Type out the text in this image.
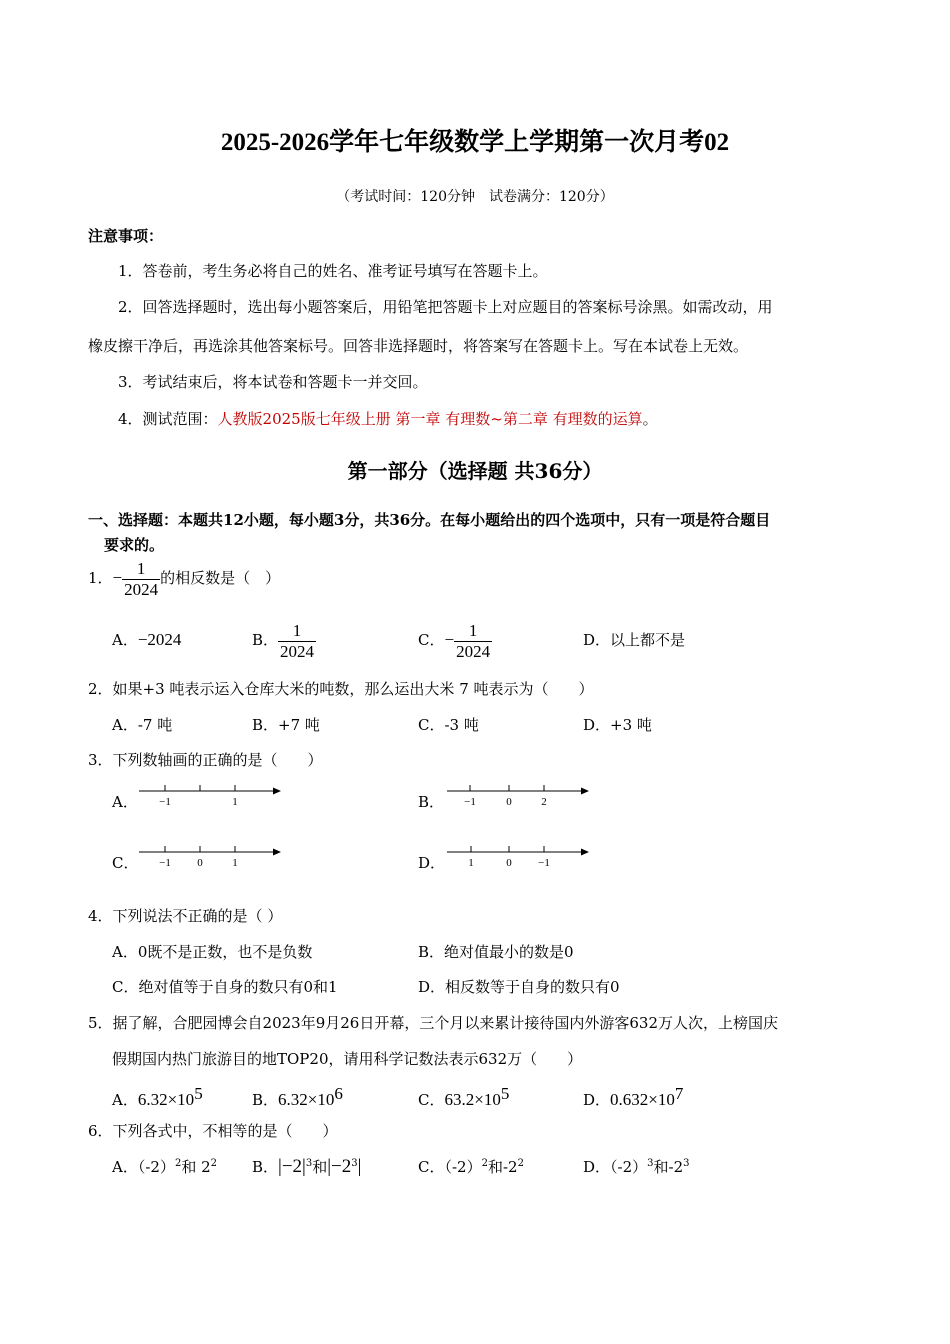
2025-2026学年七年级数学上学期第一次月考02
（考试时间：120分钟　试卷满分：120分）
注意事项：
1．答卷前，考生务必将自己的姓名、准考证号填写在答题卡上。
2．回答选择题时，选出每小题答案后，用铅笔把答题卡上对应题目的答案标号涂黑。如需改动，用
橡皮擦干净后，再选涂其他答案标号。回答非选择题时，将答案写在答题卡上。写在本试卷上无效。
3．考试结束后，将本试卷和答题卡一并交回。
4．测试范围：人教版2025版七年级上册 第一章 有理数~第二章 有理数的运算。
第一部分（选择题 共36分）
一、选择题：本题共12小题，每小题3分，共36分。在每小题给出的四个选项中，只有一项是符合题目
要求的。
1．− $\frac{1}{2024}$ 的相反数是（　）
A．−2024	B． $\frac{1}{2024}$	C．− $\frac{1}{2024}$	D．以上都不是
2．如果+3 吨表示运入仓库大米的吨数，那么运出大米 7 吨表示为（　　）
A．-7 吨	B．+7 吨	C．-3 吨	D．+3 吨
3．下列数轴画的正确的是（　　）
A．	B．
C．	D．
−1	1	−1	0	2
−1 0	1	1	0 −1
4．下列说法不正确的是（ ）
A．0既不是正数，也不是负数	B．绝对值最小的数是0
C．绝对值等于自身的数只有0和1	D．相反数等于自身的数只有0
5．据了解，合肥园博会自2023年9月26日开幕，三个月以来累计接待国内外游客632万人次，上榜国庆
假期国内热门旅游目的地TOP20，请用科学记数法表示632万（　　）
A．$6.32\times 10^5$	B．$6.32\times 10^6$	C．$63.2\times 10^5$	D．$0.632\times 10^7$
6．下列各式中，不相等的是（　　）
A．$(-2)^2$和 $2^2$ B．$|-2|^3$和$|-2^3|$	C．$(-2)^2$和$-2^2$	D．$(-2)^3$和$-2^3$
